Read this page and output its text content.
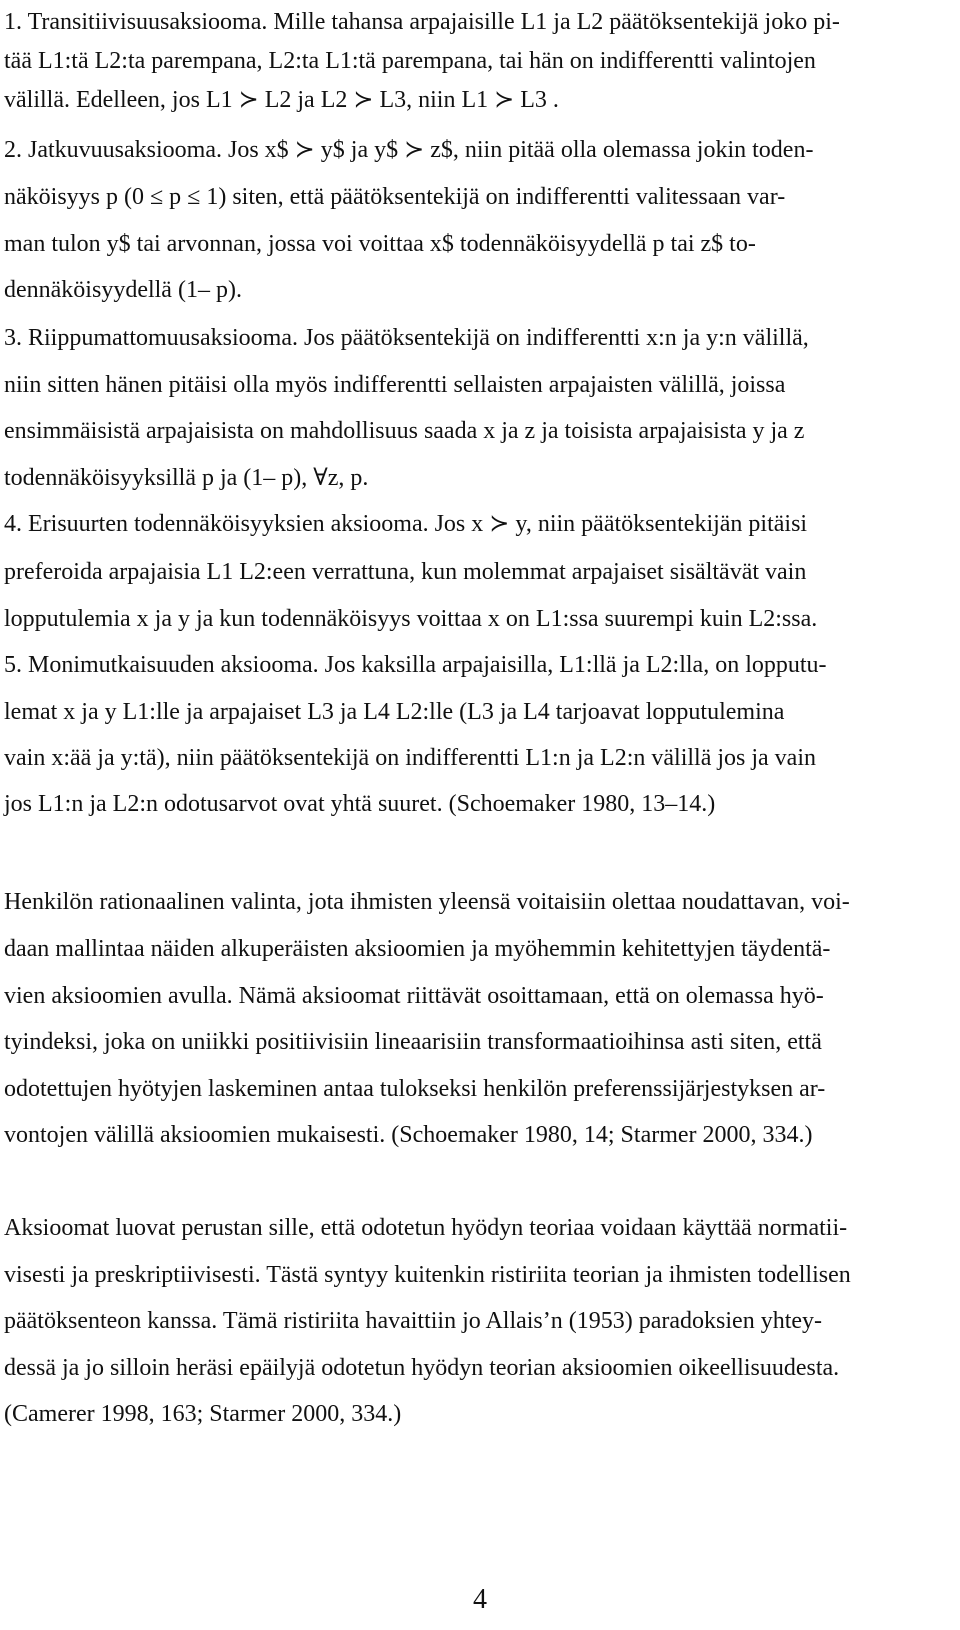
1. Transitiivisuusaksiooma. Mille tahansa arpajaisille L1 ja L2 päätöksentekijä joko pi-
tää L1:tä L2:ta parempana, L2:ta L1:tä parempana, tai hän on indifferentti valintojen
välillä. Edelleen, jos L1 ≻ L2 ja L2 ≻ L3, niin L1 ≻ L3 .
2. Jatkuvuusaksiooma. Jos x$ ≻ y$ ja y$ ≻ z$, niin pitää olla olemassa jokin toden-
näköisyys p (0 ≤ p ≤ 1) siten, että päätöksentekijä on indifferentti valitessaan var-
man tulon y$ tai arvonnan, jossa voi voittaa x$ todennäköisyydellä p tai z$ to-
dennäköisyydellä (1– p).
3. Riippumattomuusaksiooma. Jos päätöksentekijä on indifferentti x:n ja y:n välillä,
niin sitten hänen pitäisi olla myös indifferentti sellaisten arpajaisten välillä, joissa
ensimmäisistä arpajaisista on mahdollisuus saada x ja z ja toisista arpajaisista y ja z
todennäköisyyksillä p ja (1– p), ∀z, p.
4. Erisuurten todennäköisyyksien aksiooma. Jos x ≻ y, niin päätöksentekijän pitäisi
preferoida arpajaisia L1 L2:een verrattuna, kun molemmat arpajaiset sisältävät vain
lopputulemia x ja y ja kun todennäköisyys voittaa x on L1:ssa suurempi kuin L2:ssa.
5. Monimutkaisuuden aksiooma. Jos kaksilla arpajaisilla, L1:llä ja L2:lla, on lopputu-
lemat x ja y L1:lle ja arpajaiset L3 ja L4 L2:lle (L3 ja L4 tarjoavat lopputulemina
vain x:ää ja y:tä), niin päätöksentekijä on indifferentti L1:n ja L2:n välillä jos ja vain
jos L1:n ja L2:n odotusarvot ovat yhtä suuret. (Schoemaker 1980, 13–14.)
Henkilön rationaalinen valinta, jota ihmisten yleensä voitaisiin olettaa noudattavan, voi-
daan mallintaa näiden alkuperäisten aksioomien ja myöhemmin kehitettyjen täydentä-
vien aksioomien avulla. Nämä aksioomat riittävät osoittamaan, että on olemassa hyö-
tyindeksi, joka on uniikki positiivisiin lineaarisiin transformaatioihinsa asti siten, että
odotettujen hyötyjen laskeminen antaa tulokseksi henkilön preferenssijärjestyksen ar-
vontojen välillä aksioomien mukaisesti. (Schoemaker 1980, 14; Starmer 2000, 334.)
Aksioomat luovat perustan sille, että odotetun hyödyn teoriaa voidaan käyttää normatii-
visesti ja preskriptiivisesti. Tästä syntyy kuitenkin ristiriita teorian ja ihmisten todellisen
päätöksenteon kanssa. Tämä ristiriita havaittiin jo Allais’n (1953) paradoksien yhtey-
dessä ja jo silloin heräsi epäilyjä odotetun hyödyn teorian aksioomien oikeellisuudesta.
(Camerer 1998, 163; Starmer 2000, 334.)
4
